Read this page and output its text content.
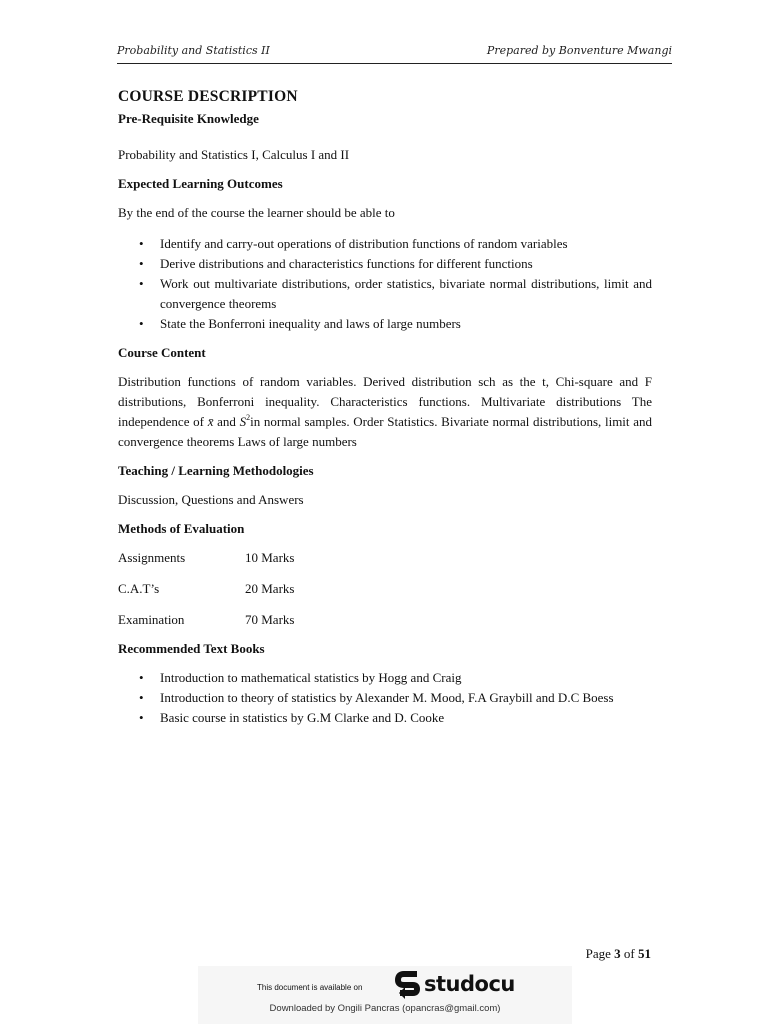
Probability and Statistics II	Prepared by Bonventure Mwangi
COURSE DESCRIPTION
Pre-Requisite Knowledge

Probability and Statistics I, Calculus I and II

Expected Learning Outcomes

By the end of the course the learner should be able to

• Identify and carry-out operations of distribution functions of random variables
• Derive distributions and characteristics functions for different functions
• Work out multivariate distributions, order statistics, bivariate normal distributions, limit and convergence theorems
• State the Bonferroni inequality and laws of large numbers
Course Content

Distribution functions of random variables. Derived distribution sch as the t, Chi-square and F distributions, Bonferroni inequality. Characteristics functions. Multivariate distributions The independence of x̄ and $S^2in$ normal samples. Order Statistics. Bivariate normal distributions, limit and convergence theorems Laws of large numbers

Teaching / Learning Methodologies

Discussion, Questions and Answers

Methods of Evaluation
Assignments	10 Marks
C.A.T’s	20 Marks
Examination	70 Marks
Recommended Text Books
• Introduction to mathematical statistics by Hogg and Craig
• Introduction to theory of statistics by Alexander M. Mood, F.A Graybill and D.C Boess
• Basic course in statistics by G.M Clarke and D. Cooke
Page 3 of 51
This document is available on	studocu
Downloaded by Ongili Pancras (opancras@gmail.com)
